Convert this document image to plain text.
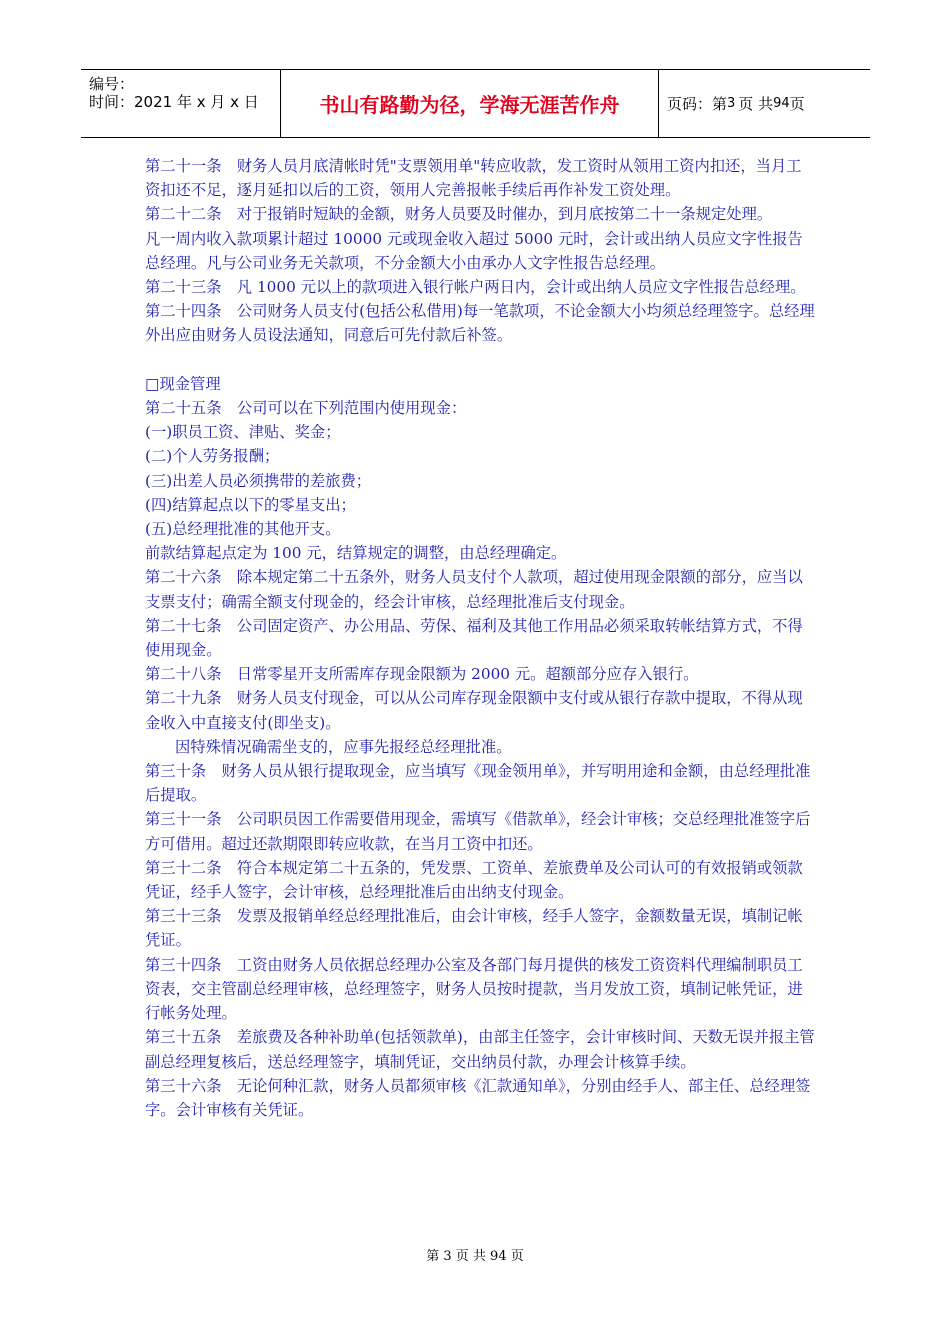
编号：
时间：2021 年 x 月 x 日	书山有路勤为径，学海无涯苦作舟	页码：第 3 页 共 94 页

第二十一条　财务人员月底清帐时凭"支票领用单"转应收款，发工资时从领用工资内扣还，当月工资扣还不足，逐月延扣以后的工资，领用人完善报帐手续后再作补发工资处理。

第二十二条　对于报销时短缺的金额，财务人员要及时催办，到月底按第二十一条规定处理。

凡一周内收入款项累计超过 10000 元或现金收入超过 5000 元时，会计或出纳人员应文字性报告总经理。凡与公司业务无关款项，不分金额大小由承办人文字性报告总经理。

第二十三条　凡 1000 元以上的款项进入银行帐户两日内，会计或出纳人员应文字性报告总经理。

第二十四条　公司财务人员支付(包括公私借用)每一笔款项，不论金额大小均须总经理签字。总经理外出应由财务人员设法通知，同意后可先付款后补签。

□现金管理

第二十五条　公司可以在下列范围内使用现金：

(一)职员工资、津贴、奖金；

(二)个人劳务报酬；

(三)出差人员必须携带的差旅费；

(四)结算起点以下的零星支出；

(五)总经理批准的其他开支。

前款结算起点定为 100 元，结算规定的调整，由总经理确定。

第二十六条　除本规定第二十五条外，财务人员支付个人款项，超过使用现金限额的部分，应当以支票支付；确需全额支付现金的，经会计审核，总经理批准后支付现金。

第二十七条　公司固定资产、办公用品、劳保、福利及其他工作用品必须采取转帐结算方式，不得使用现金。

第二十八条　日常零星开支所需库存现金限额为 2000 元。超额部分应存入银行。

第二十九条　财务人员支付现金，可以从公司库存现金限额中支付或从银行存款中提取，不得从现金收入中直接支付(即坐支)。

因特殊情况确需坐支的，应事先报经总经理批准。

第三十条　财务人员从银行提取现金，应当填写《现金领用单》，并写明用途和金额，由总经理批准后提取。

第三十一条　公司职员因工作需要借用现金，需填写《借款单》，经会计审核；交总经理批准签字后方可借用。超过还款期限即转应收款，在当月工资中扣还。

第三十二条　符合本规定第二十五条的，凭发票、工资单、差旅费单及公司认可的有效报销或领款凭证，经手人签字，会计审核，总经理批准后由出纳支付现金。

第三十三条　发票及报销单经总经理批准后，由会计审核，经手人签字，金额数量无误，填制记帐凭证。

第三十四条　工资由财务人员依据总经理办公室及各部门每月提供的核发工资资料代理编制职员工资表，交主管副总经理审核，总经理签字，财务人员按时提款，当月发放工资，填制记帐凭证，进行帐务处理。

第三十五条　差旅费及各种补助单(包括领款单)，由部主任签字，会计审核时间、天数无误并报主管副总经理复核后，送总经理签字，填制凭证，交出纳员付款，办理会计核算手续。

第三十六条　无论何种汇款，财务人员都须审核《汇款通知单》，分别由经手人、部主任、总经理签字。会计审核有关凭证。

第 3 页 共 94 页
